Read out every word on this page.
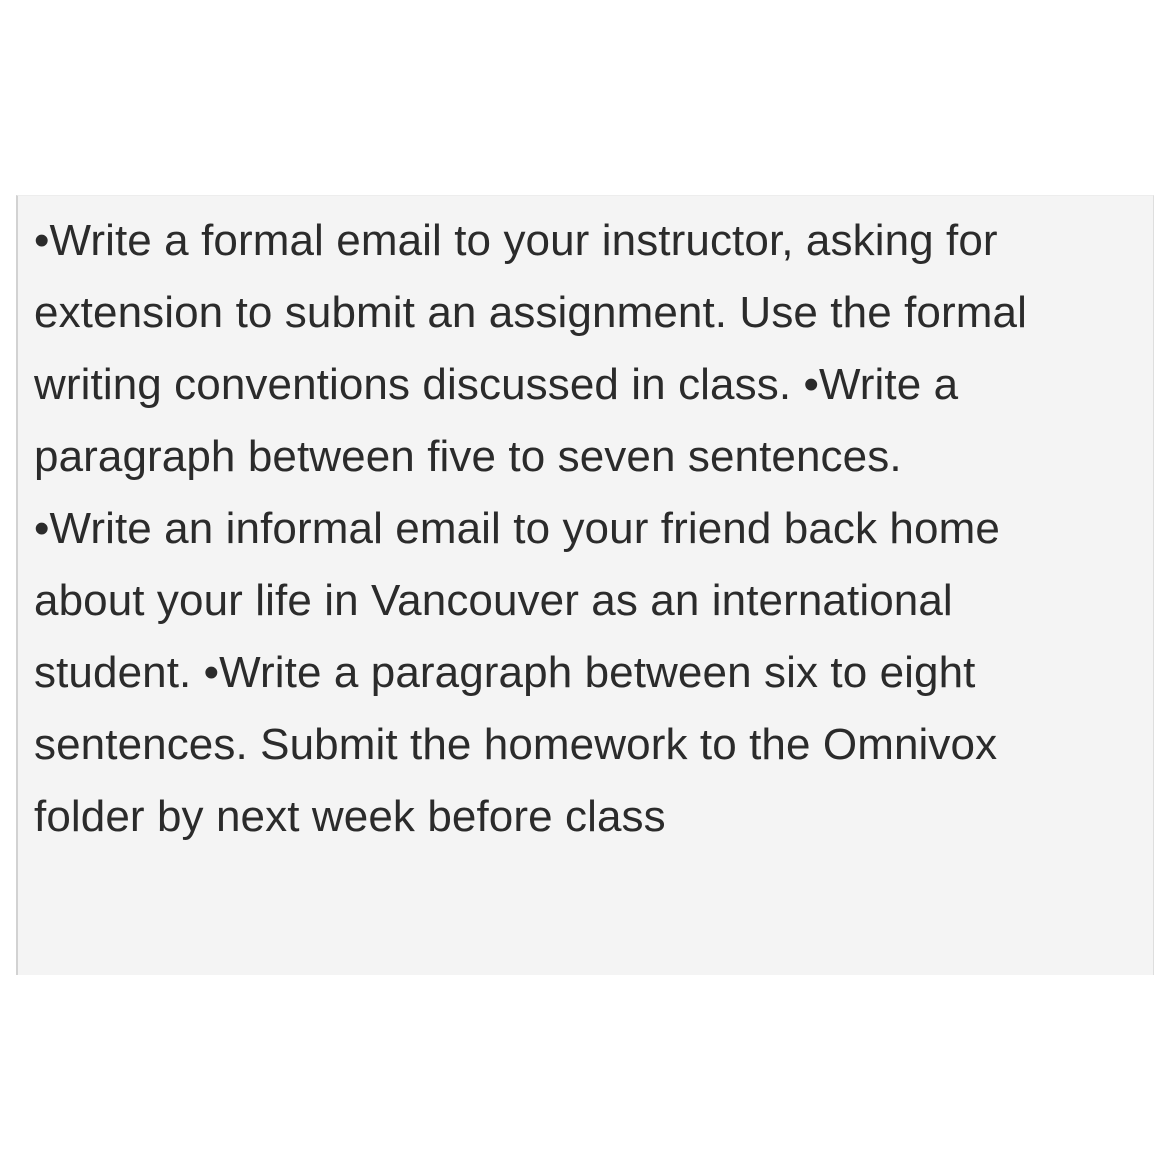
•Write a formal email to your instructor, asking for
extension to submit an assignment. Use the formal
writing conventions discussed in class. •Write a
paragraph between five to seven sentences.
•Write an informal email to your friend back home
about your life in Vancouver as an international
student. •Write a paragraph between six to eight
sentences. Submit the homework to the Omnivox
folder by next week before class
